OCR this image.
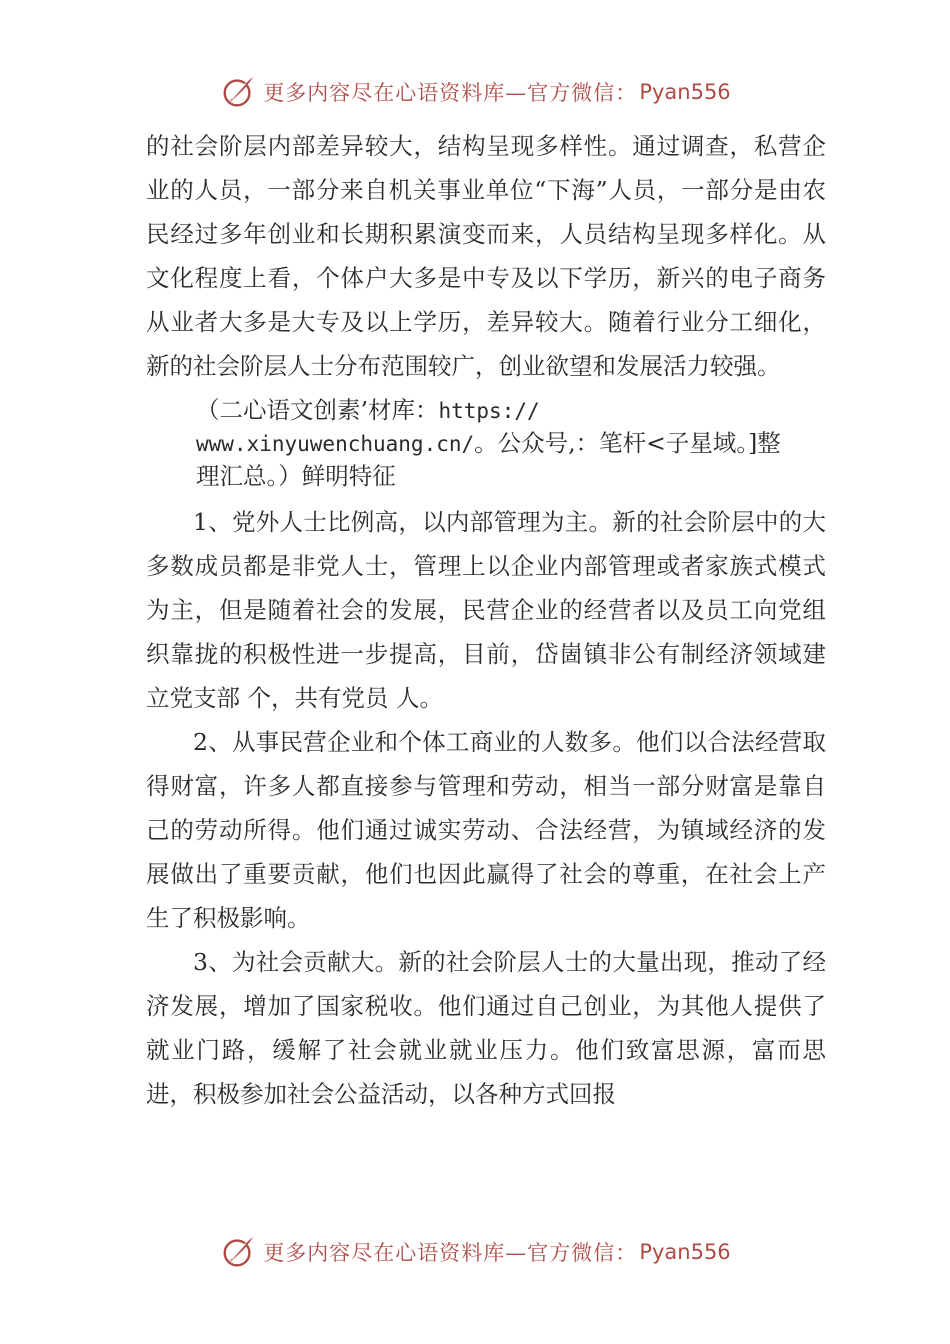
更多内容尽在心语资料库—官方微信： Pyan556

的社会阶层内部差异较大，结构呈现多样性。通过调查，私营企业的人员，一部分来自机关事业单位“下海”人员，一部分是由农民经过多年创业和长期积累演变而来，人员结构呈现多样化。从文化程度上看，个体户大多是中专及以下学历，新兴的电子商务从业者大多是大专及以上学历，差异较大。随着行业分工细化，新的社会阶层人士分布范围较广，创业欲望和发展活力较强。

（二心语文创素’材库：https://

www.xinyuwenchuang.cn/。公众号,：笔杆<子星域。]整

理汇总。）鲜明特征

1、党外人士比例高，以内部管理为主。新的社会阶层中的大多数成员都是非党人士，管理上以企业内部管理或者家族式模式为主，但是随着社会的发展，民营企业的经营者以及员工向党组织靠拢的积极性进一步提高，目前，岱崮镇非公有制经济领域建立党支部 个，共有党员 人。

2、从事民营企业和个体工商业的人数多。他们以合法经营取得财富，许多人都直接参与管理和劳动，相当一部分财富是靠自己的劳动所得。他们通过诚实劳动、合法经营，为镇域经济的发展做出了重要贡献，他们也因此赢得了社会的尊重，在社会上产生了积极影响。

3、为社会贡献大。新的社会阶层人士的大量出现，推动了经济发展，增加了国家税收。他们通过自己创业，为其他人提供了就业门路，缓解了社会就业就业压力。他们致富思源，富而思进，积极参加社会公益活动，以各种方式回报

更多内容尽在心语资料库—官方微信： Pyan556
